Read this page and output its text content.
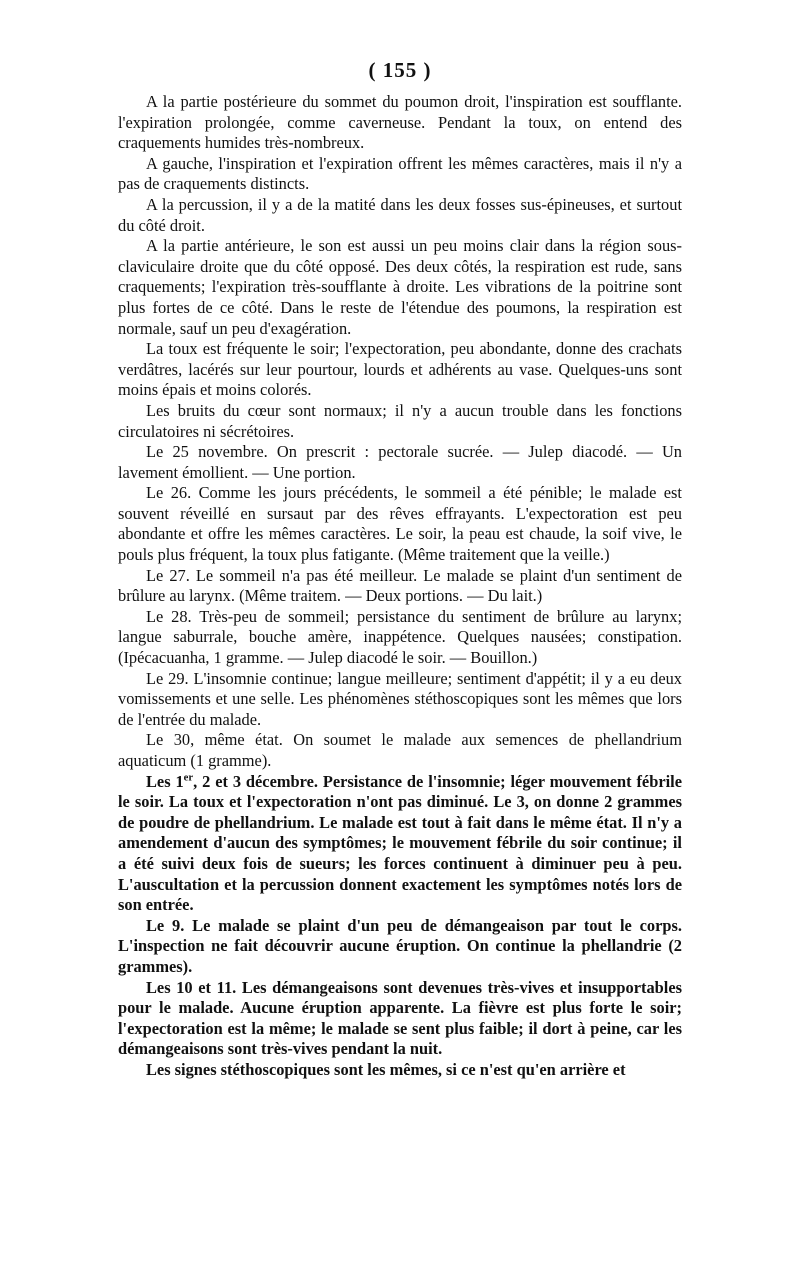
( 155 )

A la partie postérieure du sommet du poumon droit, l'inspiration est soufflante. l'expiration prolongée, comme caverneuse. Pendant la toux, on entend des craquements humides très-nombreux.

A gauche, l'inspiration et l'expiration offrent les mêmes caractères, mais il n'y a pas de craquements distincts.

A la percussion, il y a de la matité dans les deux fosses sus-épineuses, et surtout du côté droit.

A la partie antérieure, le son est aussi un peu moins clair dans la région sous-claviculaire droite que du côté opposé. Des deux côtés, la respiration est rude, sans craquements; l'expiration très-soufflante à droite. Les vibrations de la poitrine sont plus fortes de ce côté. Dans le reste de l'étendue des poumons, la respiration est normale, sauf un peu d'exagération.

La toux est fréquente le soir; l'expectoration, peu abondante, donne des crachats verdâtres, lacérés sur leur pourtour, lourds et adhérents au vase. Quelques-uns sont moins épais et moins colorés.

Les bruits du cœur sont normaux; il n'y a aucun trouble dans les fonctions circulatoires ni sécrétoires.

Le 25 novembre. On prescrit : pectorale sucrée. — Julep diacodé. — Un lavement émollient. — Une portion.

Le 26. Comme les jours précédents, le sommeil a été pénible; le malade est souvent réveillé en sursaut par des rêves effrayants. L'expectoration est peu abondante et offre les mêmes caractères. Le soir, la peau est chaude, la soif vive, le pouls plus fréquent, la toux plus fatigante. (Même traitement que la veille.)

Le 27. Le sommeil n'a pas été meilleur. Le malade se plaint d'un sentiment de brûlure au larynx. (Même traitem. — Deux portions. — Du lait.)

Le 28. Très-peu de sommeil; persistance du sentiment de brûlure au larynx; langue saburrale, bouche amère, inappétence. Quelques nausées; constipation. (Ipécacuanha, 1 gramme. — Julep diacodé le soir. — Bouillon.)

Le 29. L'insomnie continue; langue meilleure; sentiment d'appétit; il y a eu deux vomissements et une selle. Les phénomènes stéthoscopiques sont les mêmes que lors de l'entrée du malade.

Le 30, même état. On soumet le malade aux semences de phellandrium aquaticum (1 gramme).

Les 1er, 2 et 3 décembre. Persistance de l'insomnie; léger mouvement fébrile le soir. La toux et l'expectoration n'ont pas diminué. Le 3, on donne 2 grammes de poudre de phellandrium. Le malade est tout à fait dans le même état. Il n'y a amendement d'aucun des symptômes; le mouvement fébrile du soir continue; il a été suivi deux fois de sueurs; les forces continuent à diminuer peu à peu. L'auscultation et la percussion donnent exactement les symptômes notés lors de son entrée.

Le 9. Le malade se plaint d'un peu de démangeaison par tout le corps. L'inspection ne fait découvrir aucune éruption. On continue la phellandrie (2 grammes).

Les 10 et 11. Les démangeaisons sont devenues très-vives et insupportables pour le malade. Aucune éruption apparente. La fièvre est plus forte le soir; l'expectoration est la même; le malade se sent plus faible; il dort à peine, car les démangeaisons sont très-vives pendant la nuit.

Les signes stéthoscopiques sont les mêmes, si ce n'est qu'en arrière et
